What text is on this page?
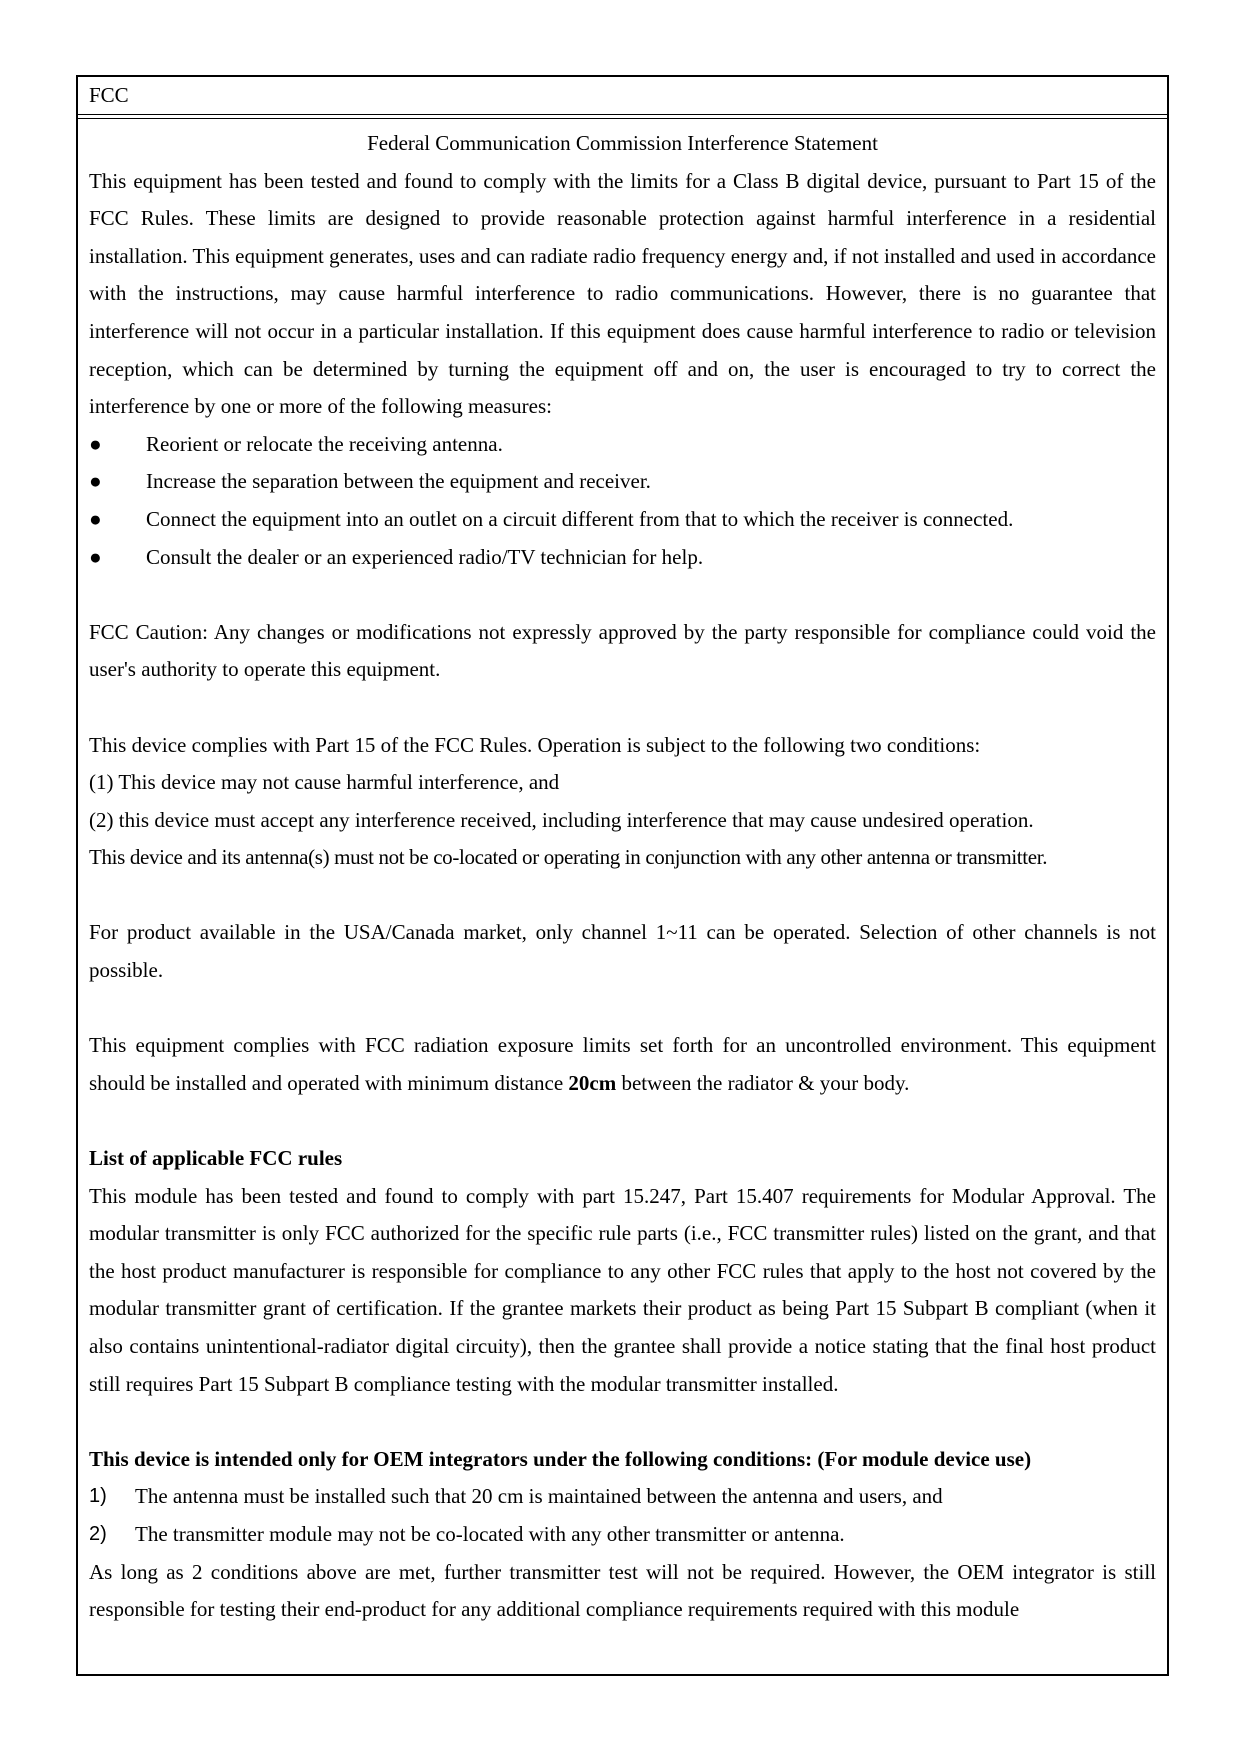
FCC

Federal Communication Commission Interference Statement

This equipment has been tested and found to comply with the limits for a Class B digital device, pursuant to Part 15 of the FCC Rules. These limits are designed to provide reasonable protection against harmful interference in a residential installation. This equipment generates, uses and can radiate radio frequency energy and, if not installed and used in accordance with the instructions, may cause harmful interference to radio communications. However, there is no guarantee that interference will not occur in a particular installation. If this equipment does cause harmful interference to radio or television reception, which can be determined by turning the equipment off and on, the user is encouraged to try to correct the interference by one or more of the following measures:

●	Reorient or relocate the receiving antenna.
●	Increase the separation between the equipment and receiver.
●	Connect the equipment into an outlet on a circuit different from that to which the receiver is connected.
●	Consult the dealer or an experienced radio/TV technician for help.

FCC Caution: Any changes or modifications not expressly approved by the party responsible for compliance could void the user's authority to operate this equipment.

This device complies with Part 15 of the FCC Rules. Operation is subject to the following two conditions:

(1) This device may not cause harmful interference, and

(2) this device must accept any interference received, including interference that may cause undesired operation.

This device and its antenna(s) must not be co-located or operating in conjunction with any other antenna or transmitter.

For product available in the USA/Canada market, only channel 1~11 can be operated. Selection of other channels is not possible.

This equipment complies with FCC radiation exposure limits set forth for an uncontrolled environment. This equipment should be installed and operated with minimum distance 20cm between the radiator & your body.

List of applicable FCC rules

This module has been tested and found to comply with part 15.247, Part 15.407 requirements for Modular Approval. The modular transmitter is only FCC authorized for the specific rule parts (i.e., FCC transmitter rules) listed on the grant, and that the host product manufacturer is responsible for compliance to any other FCC rules that apply to the host not covered by the modular transmitter grant of certification. If the grantee markets their product as being Part 15 Subpart B compliant (when it also contains unintentional-radiator digital circuity), then the grantee shall provide a notice stating that the final host product still requires Part 15 Subpart B compliance testing with the modular transmitter installed.

This device is intended only for OEM integrators under the following conditions: (For module device use)

1)	The antenna must be installed such that 20 cm is maintained between the antenna and users, and
2)	The transmitter module may not be co-located with any other transmitter or antenna.

As long as 2 conditions above are met, further transmitter test will not be required. However, the OEM integrator is still responsible for testing their end-product for any additional compliance requirements required with this module
